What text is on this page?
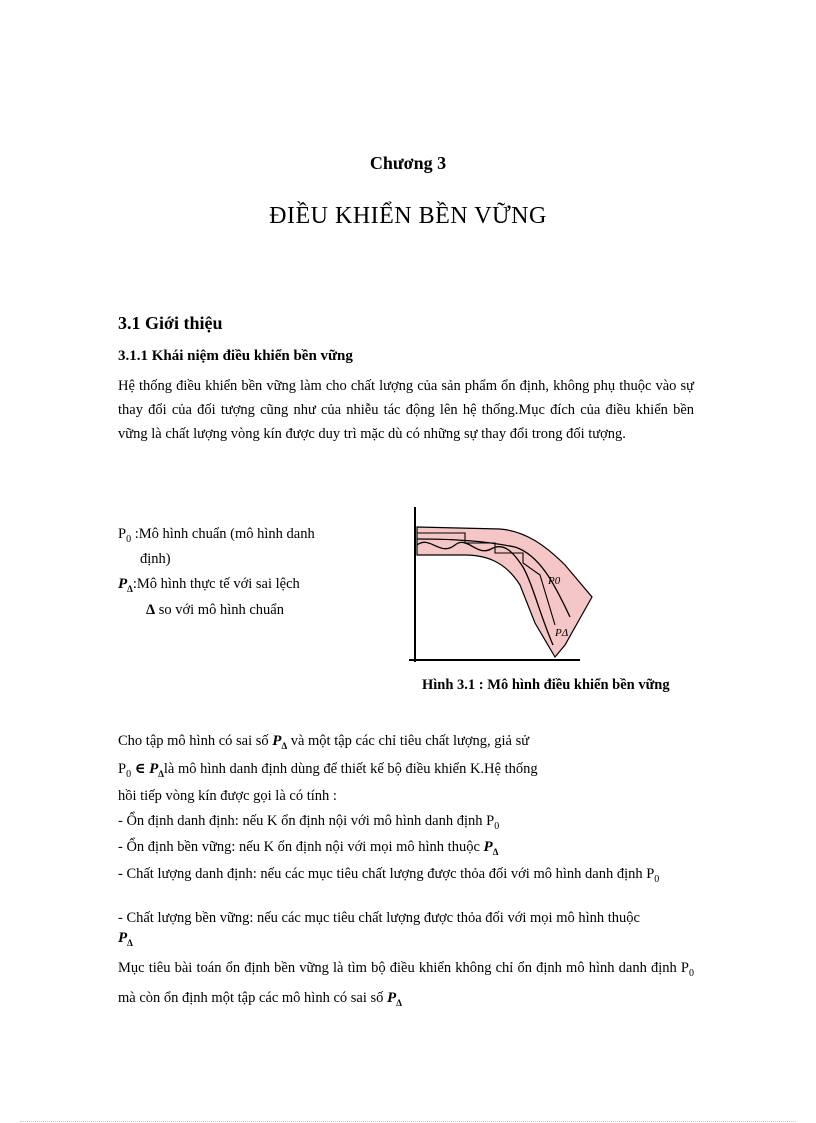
Chương 3
ĐIỀU KHIỂN BỀN VỮNG
3.1 Giới thiệu
3.1.1 Khái niệm điều khiển bền vững
Hệ thống điều khiển bền vững làm cho chất lượng của sản phẩm ổn định, không phụ thuộc vào sự thay đổi của đối tượng cũng như của nhiễu tác động lên hệ thống.Mục đích của điều khiển bền vững là chất lượng vòng kín được duy trì mặc dù có những sự thay đổi trong đối tượng.
$P_0$ :Mô hình chuẩn (mô hình danh
định)
$P_\Delta:Mô$ hình thực tế với sai lệch
Δ so với mô hình chuẩn
P0
PΔ
Hình 3.1 : Mô hình điều khiển bền vững
Cho tập mô hình có sai số $P_\Delta$ và một tập các chỉ tiêu chất lượng, giả sử
$P_0$ ∈ $P_\Delta là$ mô hình danh định dùng để thiết kế bộ điều khiển K.Hệ thống
hồi tiếp vòng kín được gọi là có tính :
- Ổn định danh định: nếu K ổn định nội với mô hình danh định $P_0$
- Ổn định bền vững: nếu K ổn định nội với mọi mô hình thuộc $P_\Delta$
- Chất lượng danh định: nếu các mục tiêu chất lượng được thỏa đối với mô hình danh định $P_0$
- Chất lượng bền vững: nếu các mục tiêu chất lượng được thỏa đối với mọi mô hình thuộc
$P_\Delta$
Mục tiêu bài toán ổn định bền vững là tìm bộ điều khiển không chỉ ổn định mô hình danh định $P_0$ mà còn ổn định một tập các mô hình có sai số $P_\Delta$
